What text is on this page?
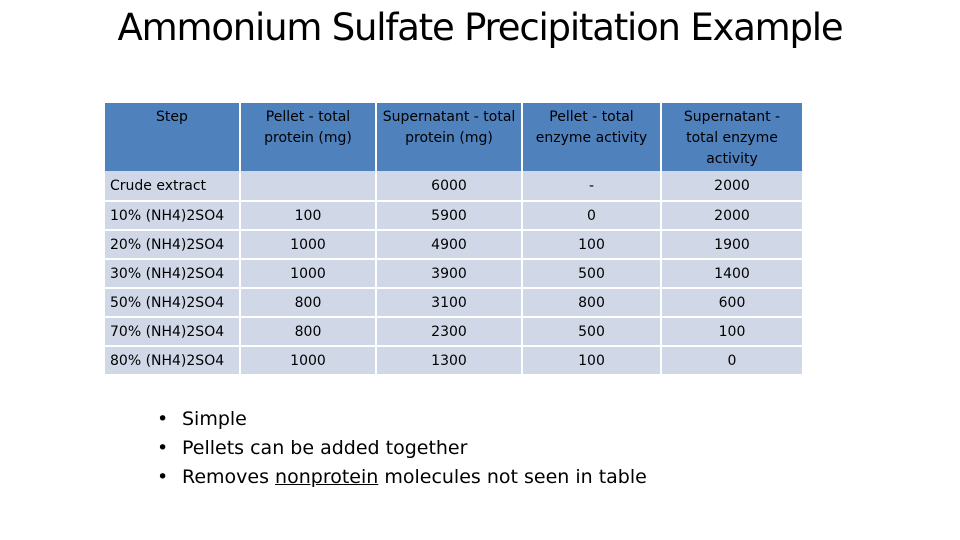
Ammonium Sulfate Precipitation Example
Step	Pellet - total protein (mg)	Supernatant - total protein (mg)	Pellet - total enzyme activity	Supernatant - total enzyme activity
Crude extract		6000	-	2000
10% (NH4)2SO4	100	5900	0	2000
20% (NH4)2SO4	1000	4900	100	1900
30% (NH4)2SO4	1000	3900	500	1400
50% (NH4)2SO4	800	3100	800	600
70% (NH4)2SO4	800	2300	500	100
80% (NH4)2SO4	1000	1300	100	0
• Simple
• Pellets can be added together
• Removes nonprotein molecules not seen in table
